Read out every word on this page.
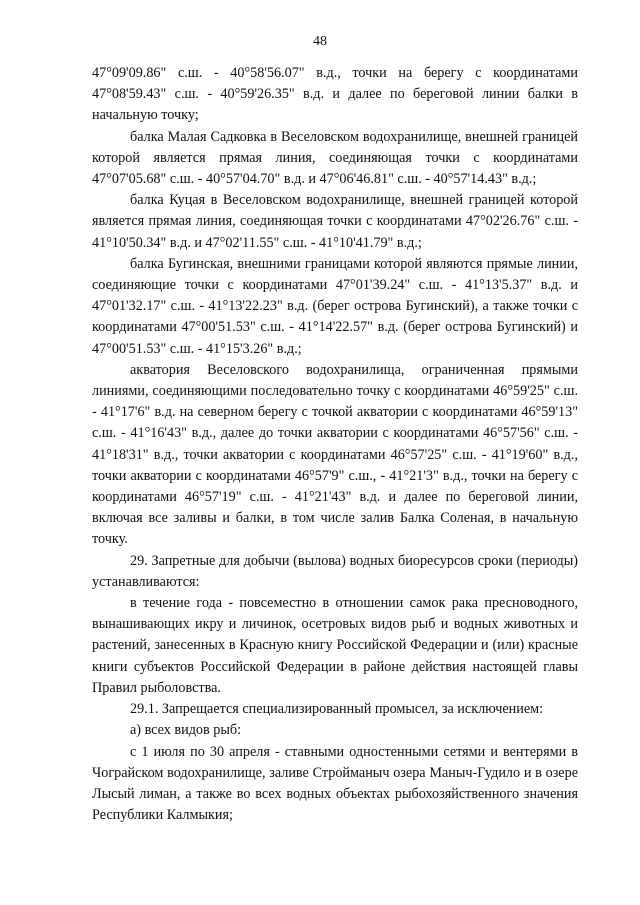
48

47°09'09.86" с.ш. - 40°58'56.07" в.д., точки на берегу с координатами 47°08'59.43" с.ш. - 40°59'26.35" в.д. и далее по береговой линии балки в начальную точку;

балка Малая Садковка в Веселовском водохранилище, внешней границей которой является прямая линия, соединяющая точки с координатами 47°07'05.68" с.ш. - 40°57'04.70" в.д. и 47°06'46.81" с.ш. - 40°57'14.43" в.д.;

балка Куцая в Веселовском водохранилище, внешней границей которой является прямая линия, соединяющая точки с координатами 47°02'26.76" с.ш. - 41°10'50.34" в.д. и 47°02'11.55" с.ш. - 41°10'41.79" в.д.;

балка Бугинская, внешними границами которой являются прямые линии, соединяющие точки с координатами 47°01'39.24" с.ш. - 41°13'5.37" в.д. и 47°01'32.17" с.ш. - 41°13'22.23" в.д. (берег острова Бугинский), а также точки с координатами 47°00'51.53" с.ш. - 41°14'22.57" в.д. (берег острова Бугинский) и 47°00'51.53" с.ш. - 41°15'3.26" в.д.;

акватория Веселовского водохранилища, ограниченная прямыми линиями, соединяющими последовательно точку с координатами 46°59'25" с.ш. - 41°17'6" в.д. на северном берегу с точкой акватории с координатами 46°59'13" с.ш. - 41°16'43" в.д., далее до точки акватории с координатами 46°57'56" с.ш. - 41°18'31" в.д., точки акватории с координатами 46°57'25" с.ш. - 41°19'60" в.д., точки акватории с координатами 46°57'9" с.ш., - 41°21'3" в.д., точки на берегу с координатами 46°57'19" с.ш. - 41°21'43" в.д. и далее по береговой линии, включая все заливы и балки, в том числе залив Балка Соленая, в начальную точку.

29. Запретные для добычи (вылова) водных биоресурсов сроки (периоды) устанавливаются:

в течение года - повсеместно в отношении самок рака пресноводного, вынашивающих икру и личинок, осетровых видов рыб и водных животных и растений, занесенных в Красную книгу Российской Федерации и (или) красные книги субъектов Российской Федерации в районе действия настоящей главы Правил рыболовства.

29.1. Запрещается специализированный промысел, за исключением:

а) всех видов рыб:

с 1 июля по 30 апреля - ставными одностенными сетями и вентерями в Чограйском водохранилище, заливе Стройманыч озера Маныч-Гудило и в озере Лысый лиман, а также во всех водных объектах рыбохозяйственного значения Республики Калмыкия;
